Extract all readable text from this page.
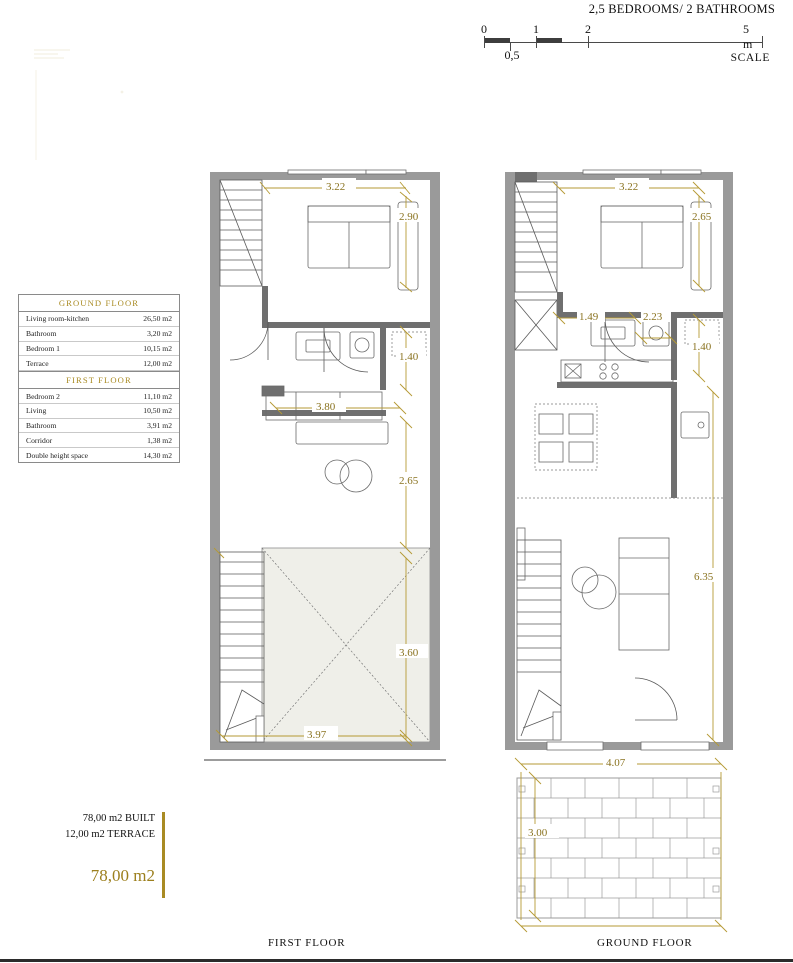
2,5 BEDROOMS/ 2 BATHROOMS
0	1	2	5 m
0,5	SCALE
GROUND FLOOR
Living room-kitchen	26,50 m2
Bathroom	3,20 m2
Bedroom 1	10,15 m2
Terrace	12,00 m2
FIRST FLOOR
Bedroom 2	11,10 m2
Living	10,50 m2
Bathroom	3,91 m2
Corridor	1,38 m2
Double height space	14,30 m2
78,00 m2 BUILT
12,00 m2 TERRACE
78,00 m2
3.22
2.90
1.40
3.80
2.65
3.60
3.97
3.22
2.65
1.49	2.23
1.40
6.35
4.07
3.00
FIRST FLOOR	GROUND FLOOR
